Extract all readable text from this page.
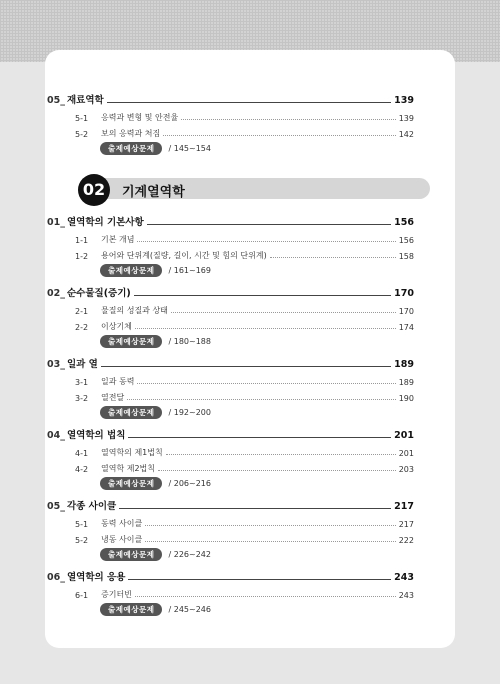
05_ 재료역학	139
5-1	응력과 변형 및 안전율	139
5-2	보의 응력과 처짐	142
출제예상문제	/ 145~154
02	기계열역학
01_ 열역학의 기본사항	156
1-1	기본 개념	156
1-2	용어와 단위계(질량, 길이, 시간 및 힘의 단위계)	158
출제예상문제	/ 161~169
02_ 순수물질(증기)	170
2-1	물질의 성질과 상태	170
2-2	이상기체	174
출제예상문제	/ 180~188
03_ 일과 열	189
3-1	일과 동력	189
3-2	열전달	190
출제예상문제	/ 192~200
04_ 열역학의 법칙	201
4-1	열역학의 제1법칙	201
4-2	열역학 제2법칙	203
출제예상문제	/ 206~216
05_ 각종 사이클	217
5-1	동력 사이클	217
5-2	냉동 사이클	222
출제예상문제	/ 226~242
06_ 열역학의 응용	243
6-1	증기터빈	243
출제예상문제	/ 245~246
